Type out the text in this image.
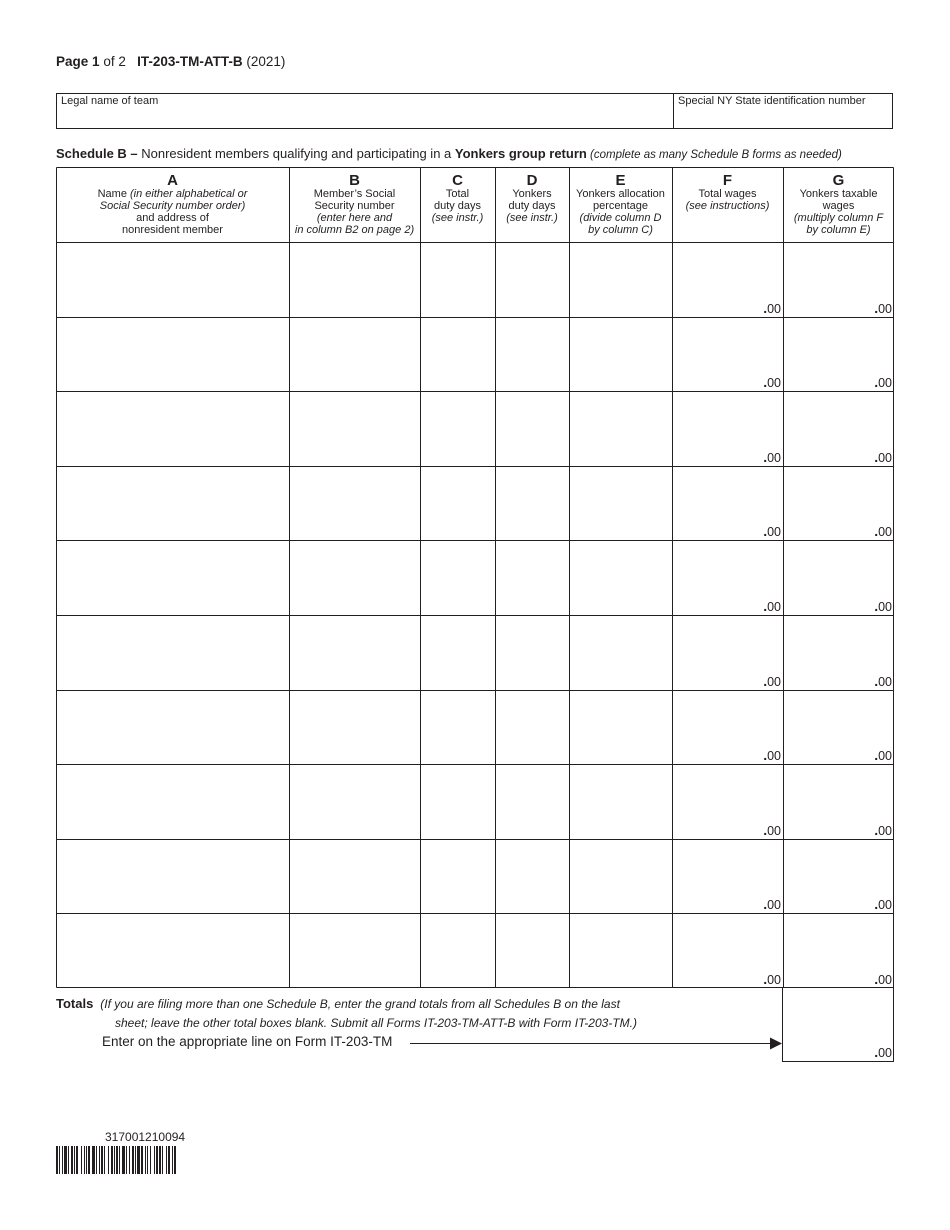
Page 1 of 2 IT-203-TM-ATT-B (2021)
Legal name of team	Special NY State identification number
Schedule B – Nonresident members qualifying and participating in a Yonkers group return (complete as many Schedule B forms as needed)
A
Name (in either alphabetical or
Social Security number order)
and address of
nonresident member
B
Member’s Social
Security number
(enter here and
in column B2 on page 2)
C
Total
duty days
(see instr.)
D
Yonkers
duty days
(see instr.)
E
Yonkers allocation
percentage
(divide column D
by column C)
F
Total wages
(see instructions)
G
Yonkers taxable
wages
(multiply column F
by column E)
.00	.00
.00	.00
.00	.00
.00	.00
.00	.00
.00	.00
.00	.00
.00	.00
.00	.00
.00	.00
Totals (If you are filing more than one Schedule B, enter the grand totals from all Schedules B on the last
sheet; leave the other total boxes blank. Submit all Forms IT-203-TM-ATT-B with Form IT-203-TM.)
Enter on the appropriate line on Form IT-203-TM
.00
317001210094
